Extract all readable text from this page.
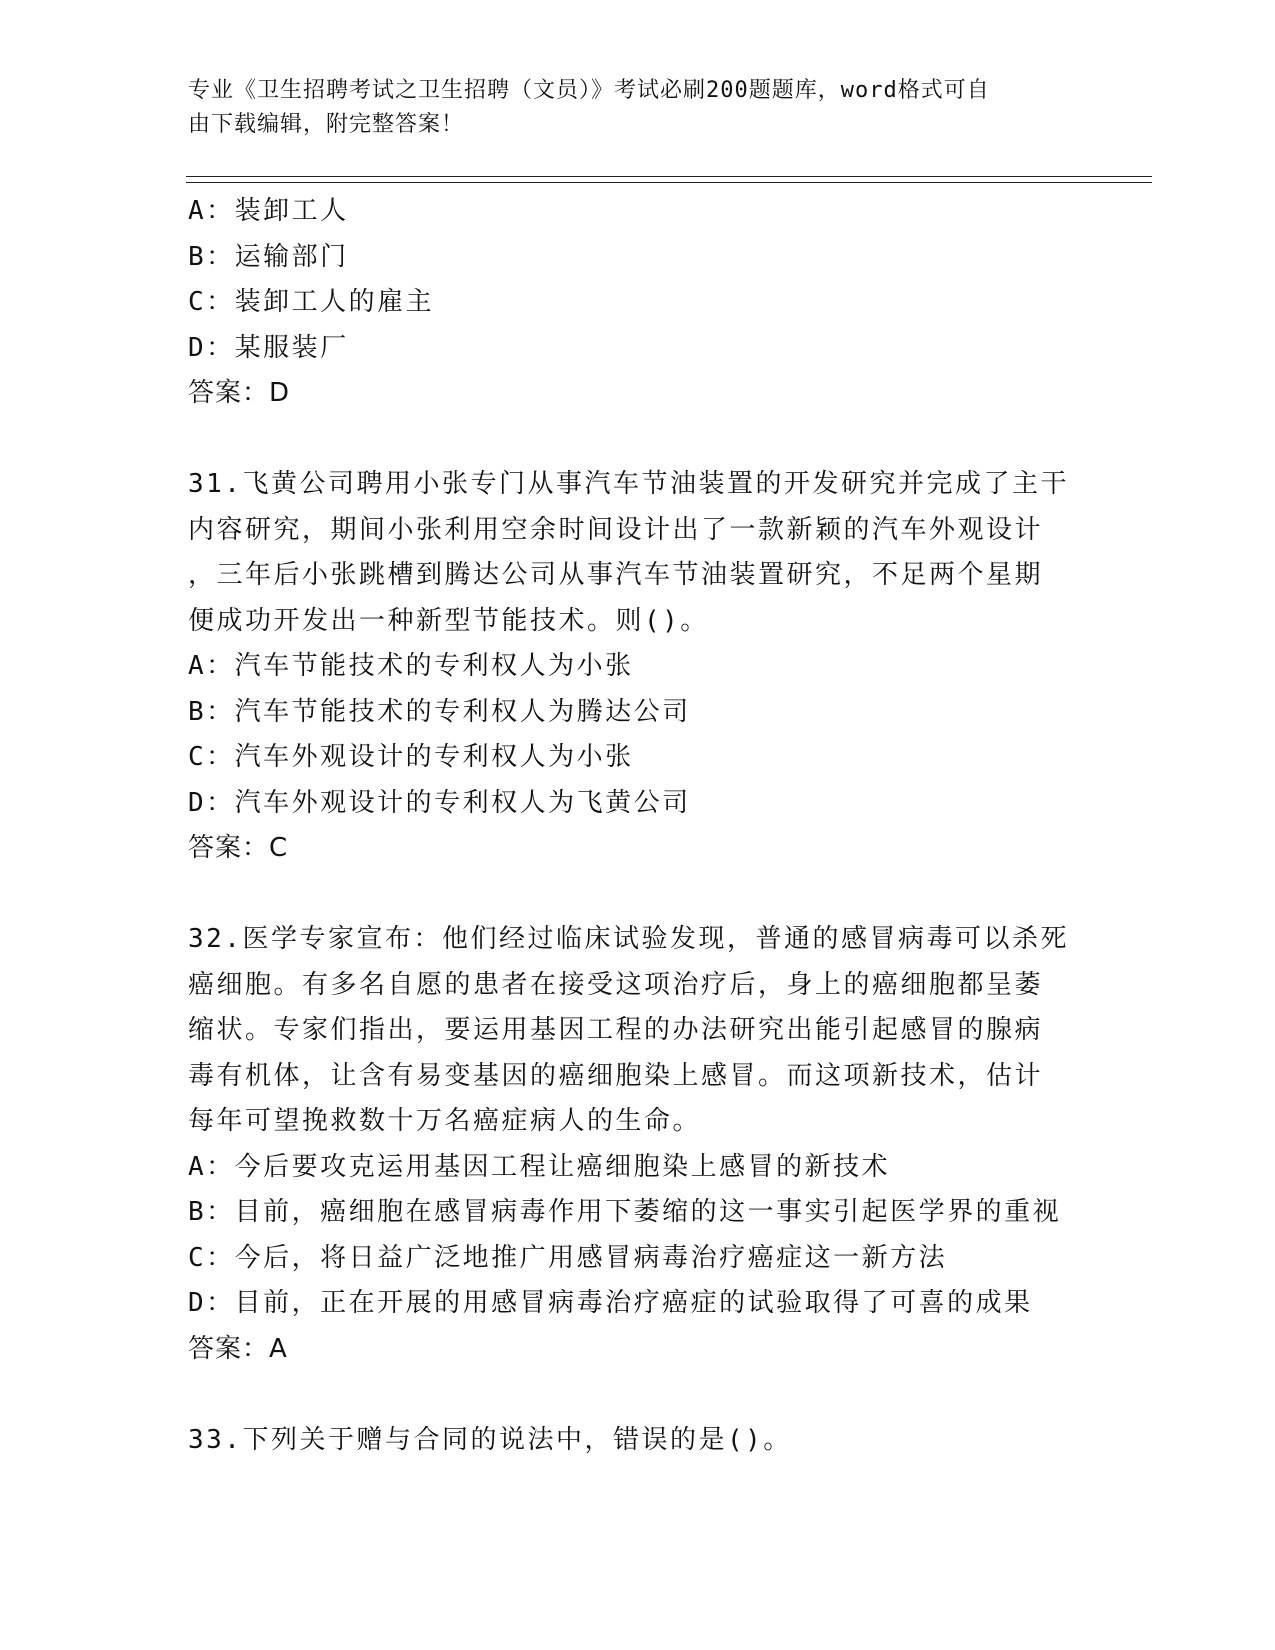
专业《卫生招聘考试之卫生招聘（文员）》考试必刷200题题库，word格式可自
由下载编辑，附完整答案！
A：装卸工人
B：运输部门
C：装卸工人的雇主
D：某服装厂
答案：D
31.飞黄公司聘用小张专门从事汽车节油装置的开发研究并完成了主干
内容研究，期间小张利用空余时间设计出了一款新颖的汽车外观设计
，三年后小张跳槽到腾达公司从事汽车节油装置研究，不足两个星期
便成功开发出一种新型节能技术。则()。
A：汽车节能技术的专利权人为小张
B：汽车节能技术的专利权人为腾达公司
C：汽车外观设计的专利权人为小张
D：汽车外观设计的专利权人为飞黄公司
答案：C
32.医学专家宣布：他们经过临床试验发现，普通的感冒病毒可以杀死
癌细胞。有多名自愿的患者在接受这项治疗后，身上的癌细胞都呈萎
缩状。专家们指出，要运用基因工程的办法研究出能引起感冒的腺病
毒有机体，让含有易变基因的癌细胞染上感冒。而这项新技术，估计
每年可望挽救数十万名癌症病人的生命。
A：今后要攻克运用基因工程让癌细胞染上感冒的新技术
B：目前，癌细胞在感冒病毒作用下萎缩的这一事实引起医学界的重视
C：今后，将日益广泛地推广用感冒病毒治疗癌症这一新方法
D：目前，正在开展的用感冒病毒治疗癌症的试验取得了可喜的成果
答案：A
33.下列关于赠与合同的说法中，错误的是()。
